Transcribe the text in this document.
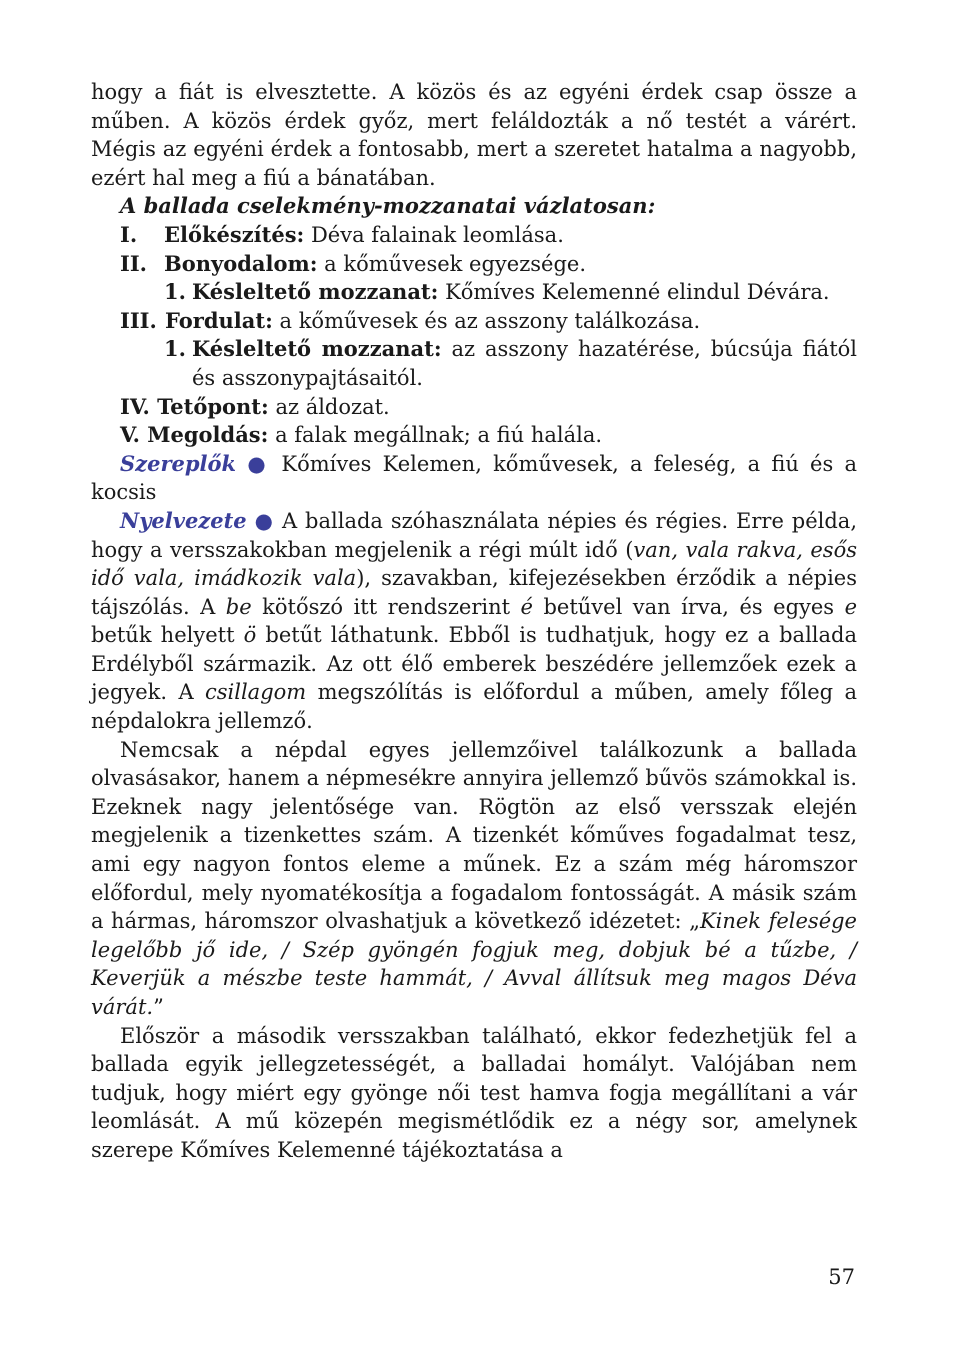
hogy a fiát is elvesztette. A közös és az egyéni érdek csap össze a műben. A közös érdek győz, mert feláldozták a nő testét a várért. Mégis az egyéni érdek a fontosabb, mert a szeretet hatalma a nagyobb, ezért hal meg a fiú a bánatában.

A ballada cselekmény-mozzanatai vázlatosan:

I.	Előkészítés: Déva falainak leomlása.
II. Bonyodalom: a kőművesek egyezsége.
1. Késleltető mozzanat: Kőmíves Kelemenné elindul Dévára.
III. Fordulat: a kőművesek és az asszony találkozása.
1. Késleltető mozzanat: az asszony hazatérése, búcsúja fiától és asszonypajtásaitól.

IV. Tetőpont: az áldozat.

V. Megoldás: a falak megállnak; a fiú halála.

Szereplők ● Kőmíves Kelemen, kőművesek, a feleség, a fiú és a kocsis

Nyelvezete ● A ballada szóhasználata népies és régies. Erre példa, hogy a versszakokban megjelenik a régi múlt idő (van, vala rakva, esős idő vala, imádkozik vala), szavakban, kifejezésekben érződik a népies tájszólás. A be kötőszó itt rendszerint é betűvel van írva, és egyes e betűk helyett ö betűt láthatunk. Ebből is tudhatjuk, hogy ez a ballada Erdélyből származik. Az ott élő emberek beszédére jellemzőek ezek a jegyek. A csillagom megszólítás is előfordul a műben, amely főleg a népdalokra jellemző.

Nemcsak a népdal egyes jellemzőivel találkozunk a ballada olvasásakor, hanem a népmesékre annyira jellemző bűvös számokkal is. Ezeknek nagy jelentősége van. Rögtön az első versszak elején megjelenik a tizenkettes szám. A tizenkét kőműves fogadalmat tesz, ami egy nagyon fontos eleme a műnek. Ez a szám még háromszor előfordul, mely nyomatékosítja a fogadalom fontosságát. A másik szám a hármas, háromszor olvashatjuk a következő idézetet: „Kinek felesége legelőbb jő ide, / Szép gyöngén fogjuk meg, dobjuk bé a tűzbe, / Keverjük a mészbe teste hammát, / Avval állítsuk meg magos Déva várát.”

Először a második versszakban található, ekkor fedezhetjük fel a ballada egyik jellegzetességét, a balladai homályt. Valójában nem tudjuk, hogy miért egy gyönge női test hamva fogja megállítani a vár leomlását. A mű közepén megismétlődik ez a négy sor, amelynek szerepe Kőmíves Kelemenné tájékoztatása a

57
